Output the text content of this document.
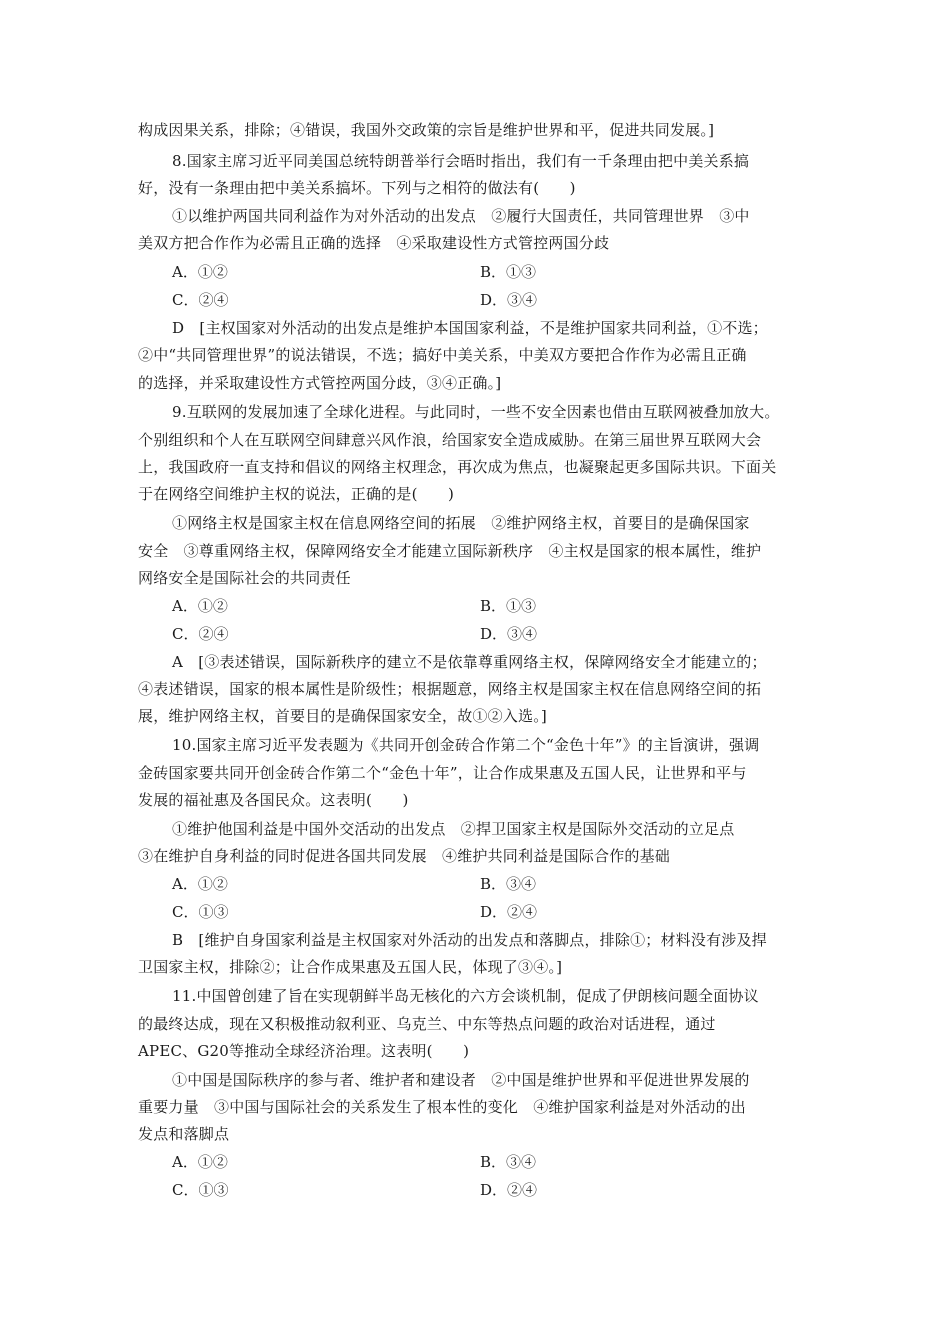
构成因果关系，排除；④错误，我国外交政策的宗旨是维护世界和平，促进共同发展。]
8.国家主席习近平同美国总统特朗普举行会晤时指出，我们有一千条理由把中美关系搞
好，没有一条理由把中美关系搞坏。下列与之相符的做法有(　　)
①以维护两国共同利益作为对外活动的出发点　②履行大国责任，共同管理世界　③中
美双方把合作作为必需且正确的选择　④采取建设性方式管控两国分歧
A．①②	B．①③
C．②④	D．③④
D　[主权国家对外活动的出发点是维护本国国家利益，不是维护国家共同利益，①不选；
②中“共同管理世界”的说法错误，不选；搞好中美关系，中美双方要把合作作为必需且正确
的选择，并采取建设性方式管控两国分歧，③④正确。]
9.互联网的发展加速了全球化进程。与此同时，一些不安全因素也借由互联网被叠加放大。
个别组织和个人在互联网空间肆意兴风作浪，给国家安全造成威胁。在第三届世界互联网大会
上，我国政府一直支持和倡议的网络主权理念，再次成为焦点，也凝聚起更多国际共识。下面关
于在网络空间维护主权的说法，正确的是(　　)
①网络主权是国家主权在信息网络空间的拓展　②维护网络主权，首要目的是确保国家
安全　③尊重网络主权，保障网络安全才能建立国际新秩序　④主权是国家的根本属性，维护
网络安全是国际社会的共同责任
A．①②	B．①③
C．②④	D．③④
A　[③表述错误，国际新秩序的建立不是依靠尊重网络主权，保障网络安全才能建立的；
④表述错误，国家的根本属性是阶级性；根据题意，网络主权是国家主权在信息网络空间的拓
展，维护网络主权，首要目的是确保国家安全，故①②入选。]
10.国家主席习近平发表题为《共同开创金砖合作第二个“金色十年”》的主旨演讲，强调
金砖国家要共同开创金砖合作第二个“金色十年”，让合作成果惠及五国人民，让世界和平与
发展的福祉惠及各国民众。这表明(　　)
①维护他国利益是中国外交活动的出发点　②捍卫国家主权是国际外交活动的立足点
③在维护自身利益的同时促进各国共同发展　④维护共同利益是国际合作的基础
A．①②	B．③④
C．①③	D．②④
B　[维护自身国家利益是主权国家对外活动的出发点和落脚点，排除①；材料没有涉及捍
卫国家主权，排除②；让合作成果惠及五国人民，体现了③④。]
11.中国曾创建了旨在实现朝鲜半岛无核化的六方会谈机制，促成了伊朗核问题全面协议
的最终达成，现在又积极推动叙利亚、乌克兰、中东等热点问题的政治对话进程，通过
APEC、G20等推动全球经济治理。这表明(　　)
①中国是国际秩序的参与者、维护者和建设者　②中国是维护世界和平促进世界发展的
重要力量　③中国与国际社会的关系发生了根本性的变化　④维护国家利益是对外活动的出
发点和落脚点
A．①②	B．③④
C．①③	D．②④
